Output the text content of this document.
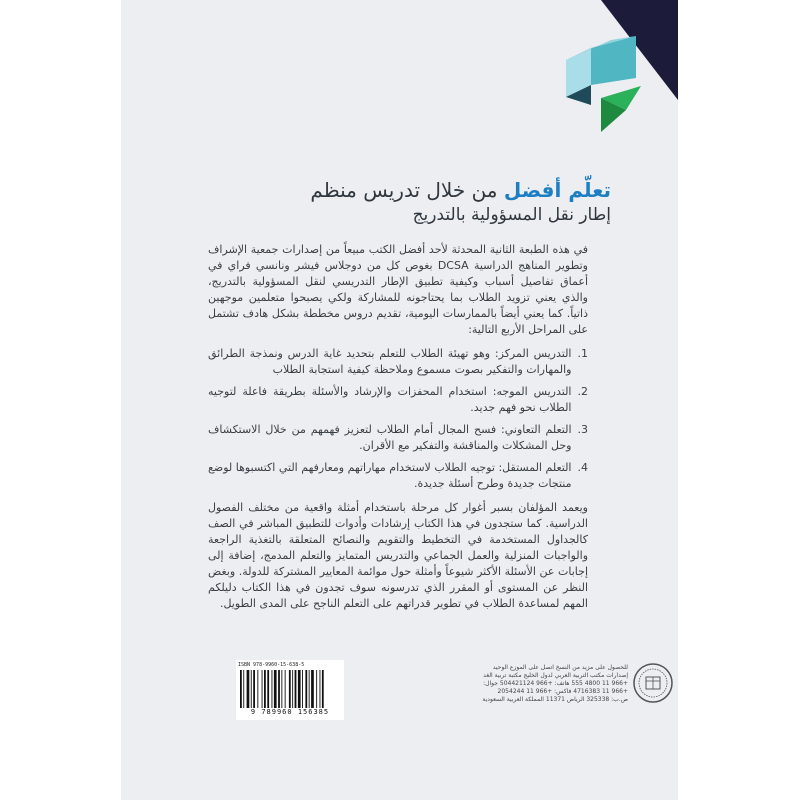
تعلّم أفضل من خلال تدريس منظم
إطار نقل المسؤولية بالتدريج

في هذه الطبعة الثانية المحدثة لأحد أفضل الكتب مبيعاً من إصدارات جمعية الإشراف وتطوير المناهج الدراسية DCSA بغوص كل من دوجلاس فيشر ونانسي فراي في أعماق تفاصيل أسباب وكيفية تطبيق الإطار التدريسي لنقل المسؤولية بالتدريج، والذي يعني تزويد الطلاب بما يحتاجونه للمشاركة ولكي يصبحوا متعلمين موجهين ذاتياً. كما يعني أيضاً بالممارسات اليومية، تقديم دروس مخططة بشكل هادف تشتمل على المراحل الأربع التالية:

1.
التدريس المركز: وهو تهيئة الطلاب للتعلم بتحديد غاية الدرس ونمذجة الطرائق والمهارات والتفكير بصوت مسموع وملاحظة كيفية استجابة الطلاب
2.
التدريس الموجه: استخدام المحفزات والإرشاد والأسئلة بطريقة فاعلة لتوجيه الطلاب نحو فهم جديد.
3.
التعلم التعاوني: فسح المجال أمام الطلاب لتعزيز فهمهم من خلال الاستكشاف وحل المشكلات والمناقشة والتفكير مع الأقران.
4.
التعلم المستقل: توجيه الطلاب لاستخدام مهاراتهم ومعارفهم التي اكتسبوها لوضع منتجات جديدة وطرح أسئلة جديدة.

ويعمد المؤلفان بسبر أغوار كل مرحلة باستخدام أمثلة واقعية من مختلف الفصول الدراسية. كما ستجدون في هذا الكتاب إرشادات وأدوات للتطبيق المباشر في الصف كالجداول المستخدمة في التخطيط والتقويم والنصائح المتعلقة بالتغذية الراجعة والواجبات المنزلية والعمل الجماعي والتدريس المتمايز والتعلم المدمج، إضافة إلى إجابات عن الأسئلة الأكثر شيوعاً وأمثلة حول موائمة المعايير المشتركة للدولة. وبغض النظر عن المستوى أو المقرر الذي تدرسونه سوف تجدون في هذا الكتاب دليلكم المهم لمساعدة الطلاب في تطوير قدراتهم على التعلم الناجح على المدى الطويل.

ISBN 978-9960-15-638-5
9 789960 156385
للحصول على مزيد من النسخ اتصل على الموزع الوحيد
إصدارات مكتب التربية العربي لدول الخليج مكتبة تربية الغد
+966 11 4800 555 هاتف: +966 504421124 جوال:
+966 11 4716383 فاكس: +966 11 2054244
ص.ب: 325338 الرياض 11371 المملكة العربية السعودية
